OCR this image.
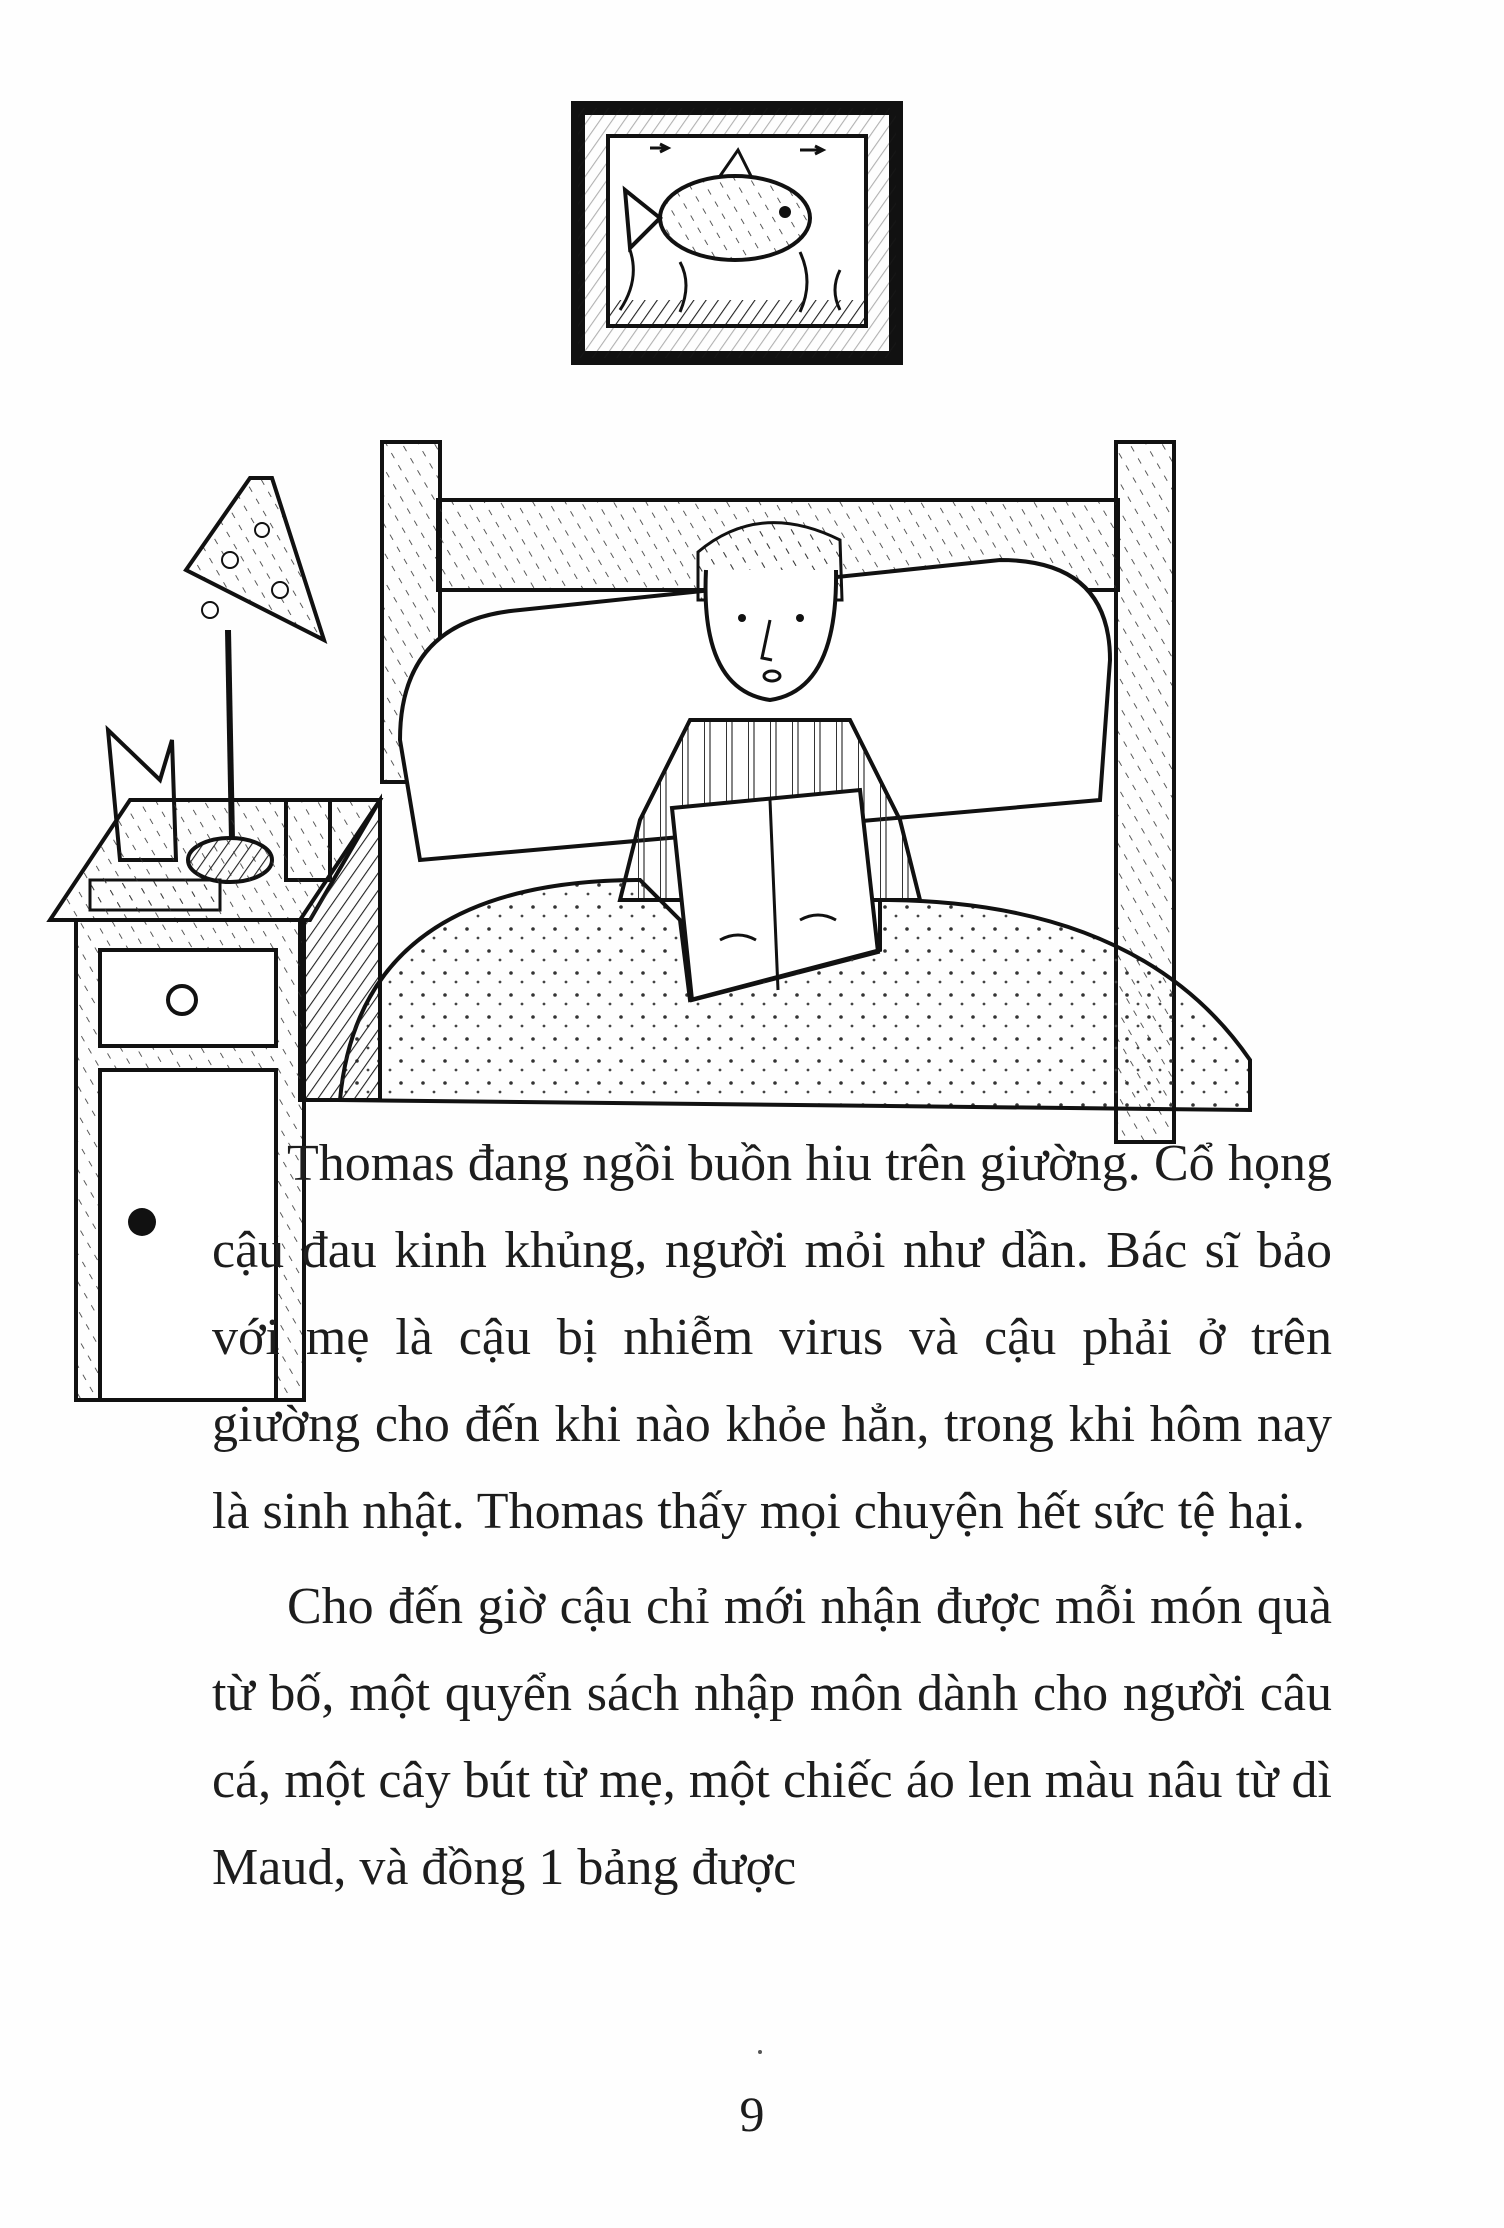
Thomas đang ngồi buồn hiu trên giường. Cổ họng cậu đau kinh khủng, người mỏi như dần. Bác sĩ bảo với mẹ là cậu bị nhiễm virus và cậu phải ở trên giường cho đến khi nào khỏe hẳn, trong khi hôm nay là sinh nhật. Thomas thấy mọi chuyện hết sức tệ hại.

Cho đến giờ cậu chỉ mới nhận được mỗi món quà từ bố, một quyển sách nhập môn dành cho người câu cá, một cây bút từ mẹ, một chiếc áo len màu nâu từ dì Maud, và đồng 1 bảng được

9
